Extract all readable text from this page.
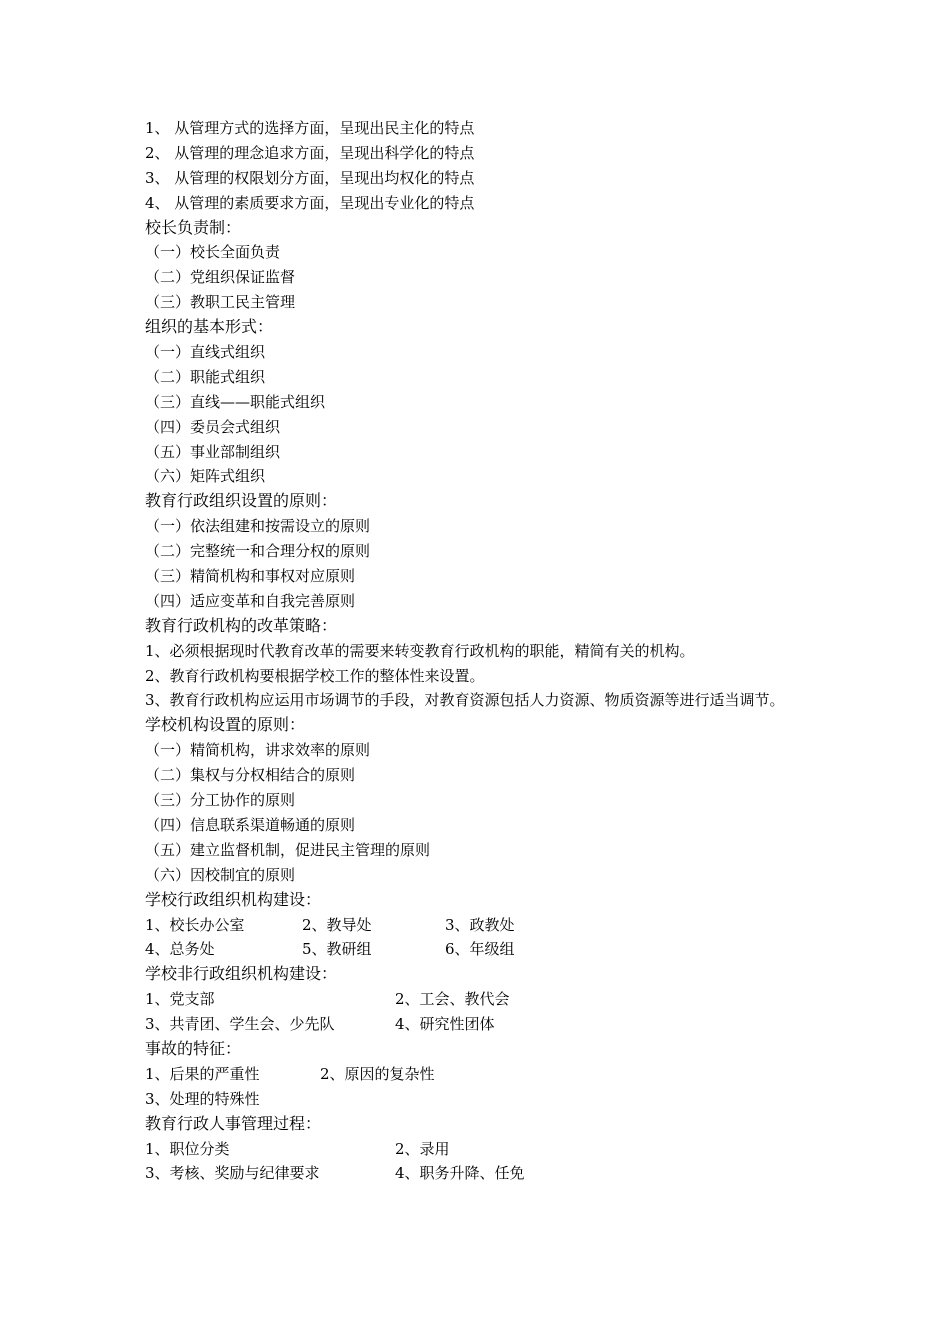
1、 从管理方式的选择方面，呈现出民主化的特点
2、 从管理的理念追求方面，呈现出科学化的特点
3、 从管理的权限划分方面，呈现出均权化的特点
4、 从管理的素质要求方面，呈现出专业化的特点
校长负责制：
（一）校长全面负责
（二）党组织保证监督
（三）教职工民主管理
组织的基本形式：
（一）直线式组织
（二）职能式组织
（三）直线——职能式组织
（四）委员会式组织
（五）事业部制组织
（六）矩阵式组织
教育行政组织设置的原则：
（一）依法组建和按需设立的原则
（二）完整统一和合理分权的原则
（三）精简机构和事权对应原则
（四）适应变革和自我完善原则
教育行政机构的改革策略：
1、必须根据现时代教育改革的需要来转变教育行政机构的职能，精简有关的机构。
2、教育行政机构要根据学校工作的整体性来设置。
3、教育行政机构应运用市场调节的手段，对教育资源包括人力资源、物质资源等进行适当调节。
学校机构设置的原则：
（一）精简机构，讲求效率的原则
（二）集权与分权相结合的原则
（三）分工协作的原则
（四）信息联系渠道畅通的原则
（五）建立监督机制，促进民主管理的原则
（六）因校制宜的原则
学校行政组织机构建设：
1、校长办公室	2、教导处	3、政教处
4、总务处	5、教研组	6、年级组
学校非行政组织机构建设：
1、党支部	2、工会、教代会
3、共青团、学生会、少先队	4、研究性团体
事故的特征：
1、后果的严重性	2、原因的复杂性
3、处理的特殊性
教育行政人事管理过程：
1、职位分类	2、录用
3、考核、奖励与纪律要求	4、职务升降、任免
